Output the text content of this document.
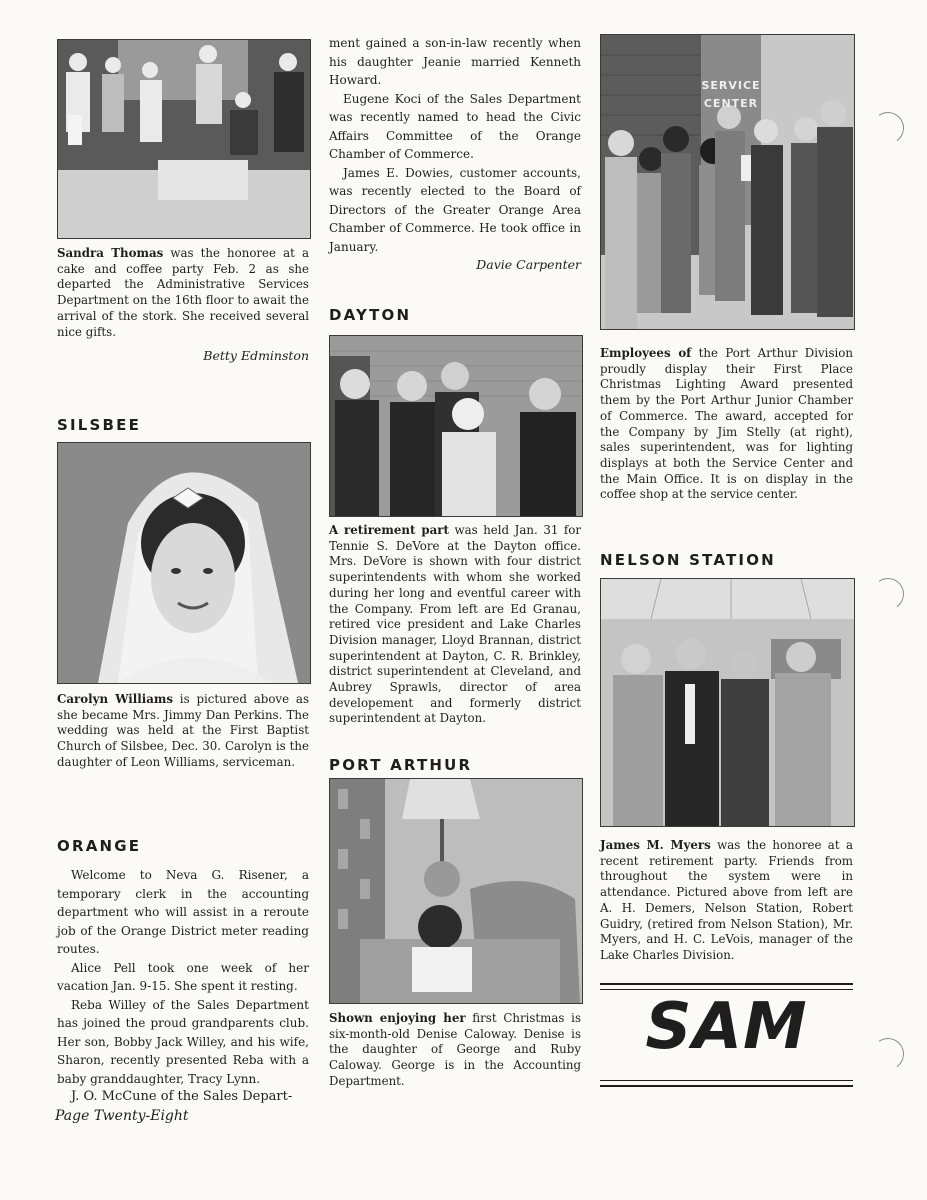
Sandra Thomas was the honoree at a cake and coffee party Feb. 2 as she departed the Administrative Services Department on the 16th floor to await the arrival of the stork. She received several nice gifts.

Betty Edminston
SILSBEE

Carolyn Williams is pictured above as she became Mrs. Jimmy Dan Perkins. The wedding was held at the First Baptist Church of Silsbee, Dec. 30. Carolyn is the daughter of Leon Williams, serviceman.

ORANGE

Welcome to Neva G. Risener, a temporary clerk in the accounting department who will assist in a reroute job of the Orange District meter reading routes.

Alice Pell took one week of her vacation Jan. 9-15. She spent it resting.

Reba Willey of the Sales Department has joined the proud grandparents club. Her son, Bobby Jack Willey, and his wife, Sharon, recently presented Reba with a baby granddaughter, Tracy Lynn.

J. O. McCune of the Sales Depart-

Page Twenty-Eight

ment gained a son-in-law recently when his daughter Jeanie married Kenneth Howard.

Eugene Koci of the Sales Department was recently named to head the Civic Affairs Committee of the Orange Chamber of Commerce.

James E. Dowies, customer accounts, was recently elected to the Board of Directors of the Greater Orange Area Chamber of Commerce. He took office in January.

Davie Carpenter
DAYTON

A retirement part was held Jan. 31 for Tennie S. DeVore at the Dayton office. Mrs. DeVore is shown with four district superintendents with whom she worked during her long and eventful career with the Company. From left are Ed Granau, retired vice president and Lake Charles Division manager, Lloyd Brannan, district superintendent at Dayton, C. R. Brinkley, district superintendent at Cleveland, and Aubrey Sprawls, director of area developement and formerly district superintendent at Dayton.

PORT ARTHUR

Shown enjoying her first Christmas is six-month-old Denise Caloway. Denise is the daughter of George and Ruby Caloway. George is in the Accounting Department.

SERVICE CENTER

Employees of the Port Arthur Division proudly display their First Place Christmas Lighting Award presented them by the Port Arthur Junior Chamber of Commerce. The award, accepted for the Company by Jim Stelly (at right), sales superintendent, was for lighting displays at both the Service Center and the Main Office. It is on display in the coffee shop at the service center.

NELSON STATION

James M. Myers was the honoree at a recent retirement party. Friends from throughout the system were in attendance. Pictured above from left are A. H. Demers, Nelson Station, Robert Guidry, (retired from Nelson Station), Mr. Myers, and H. C. LeVois, manager of the Lake Charles Division.

SAM
